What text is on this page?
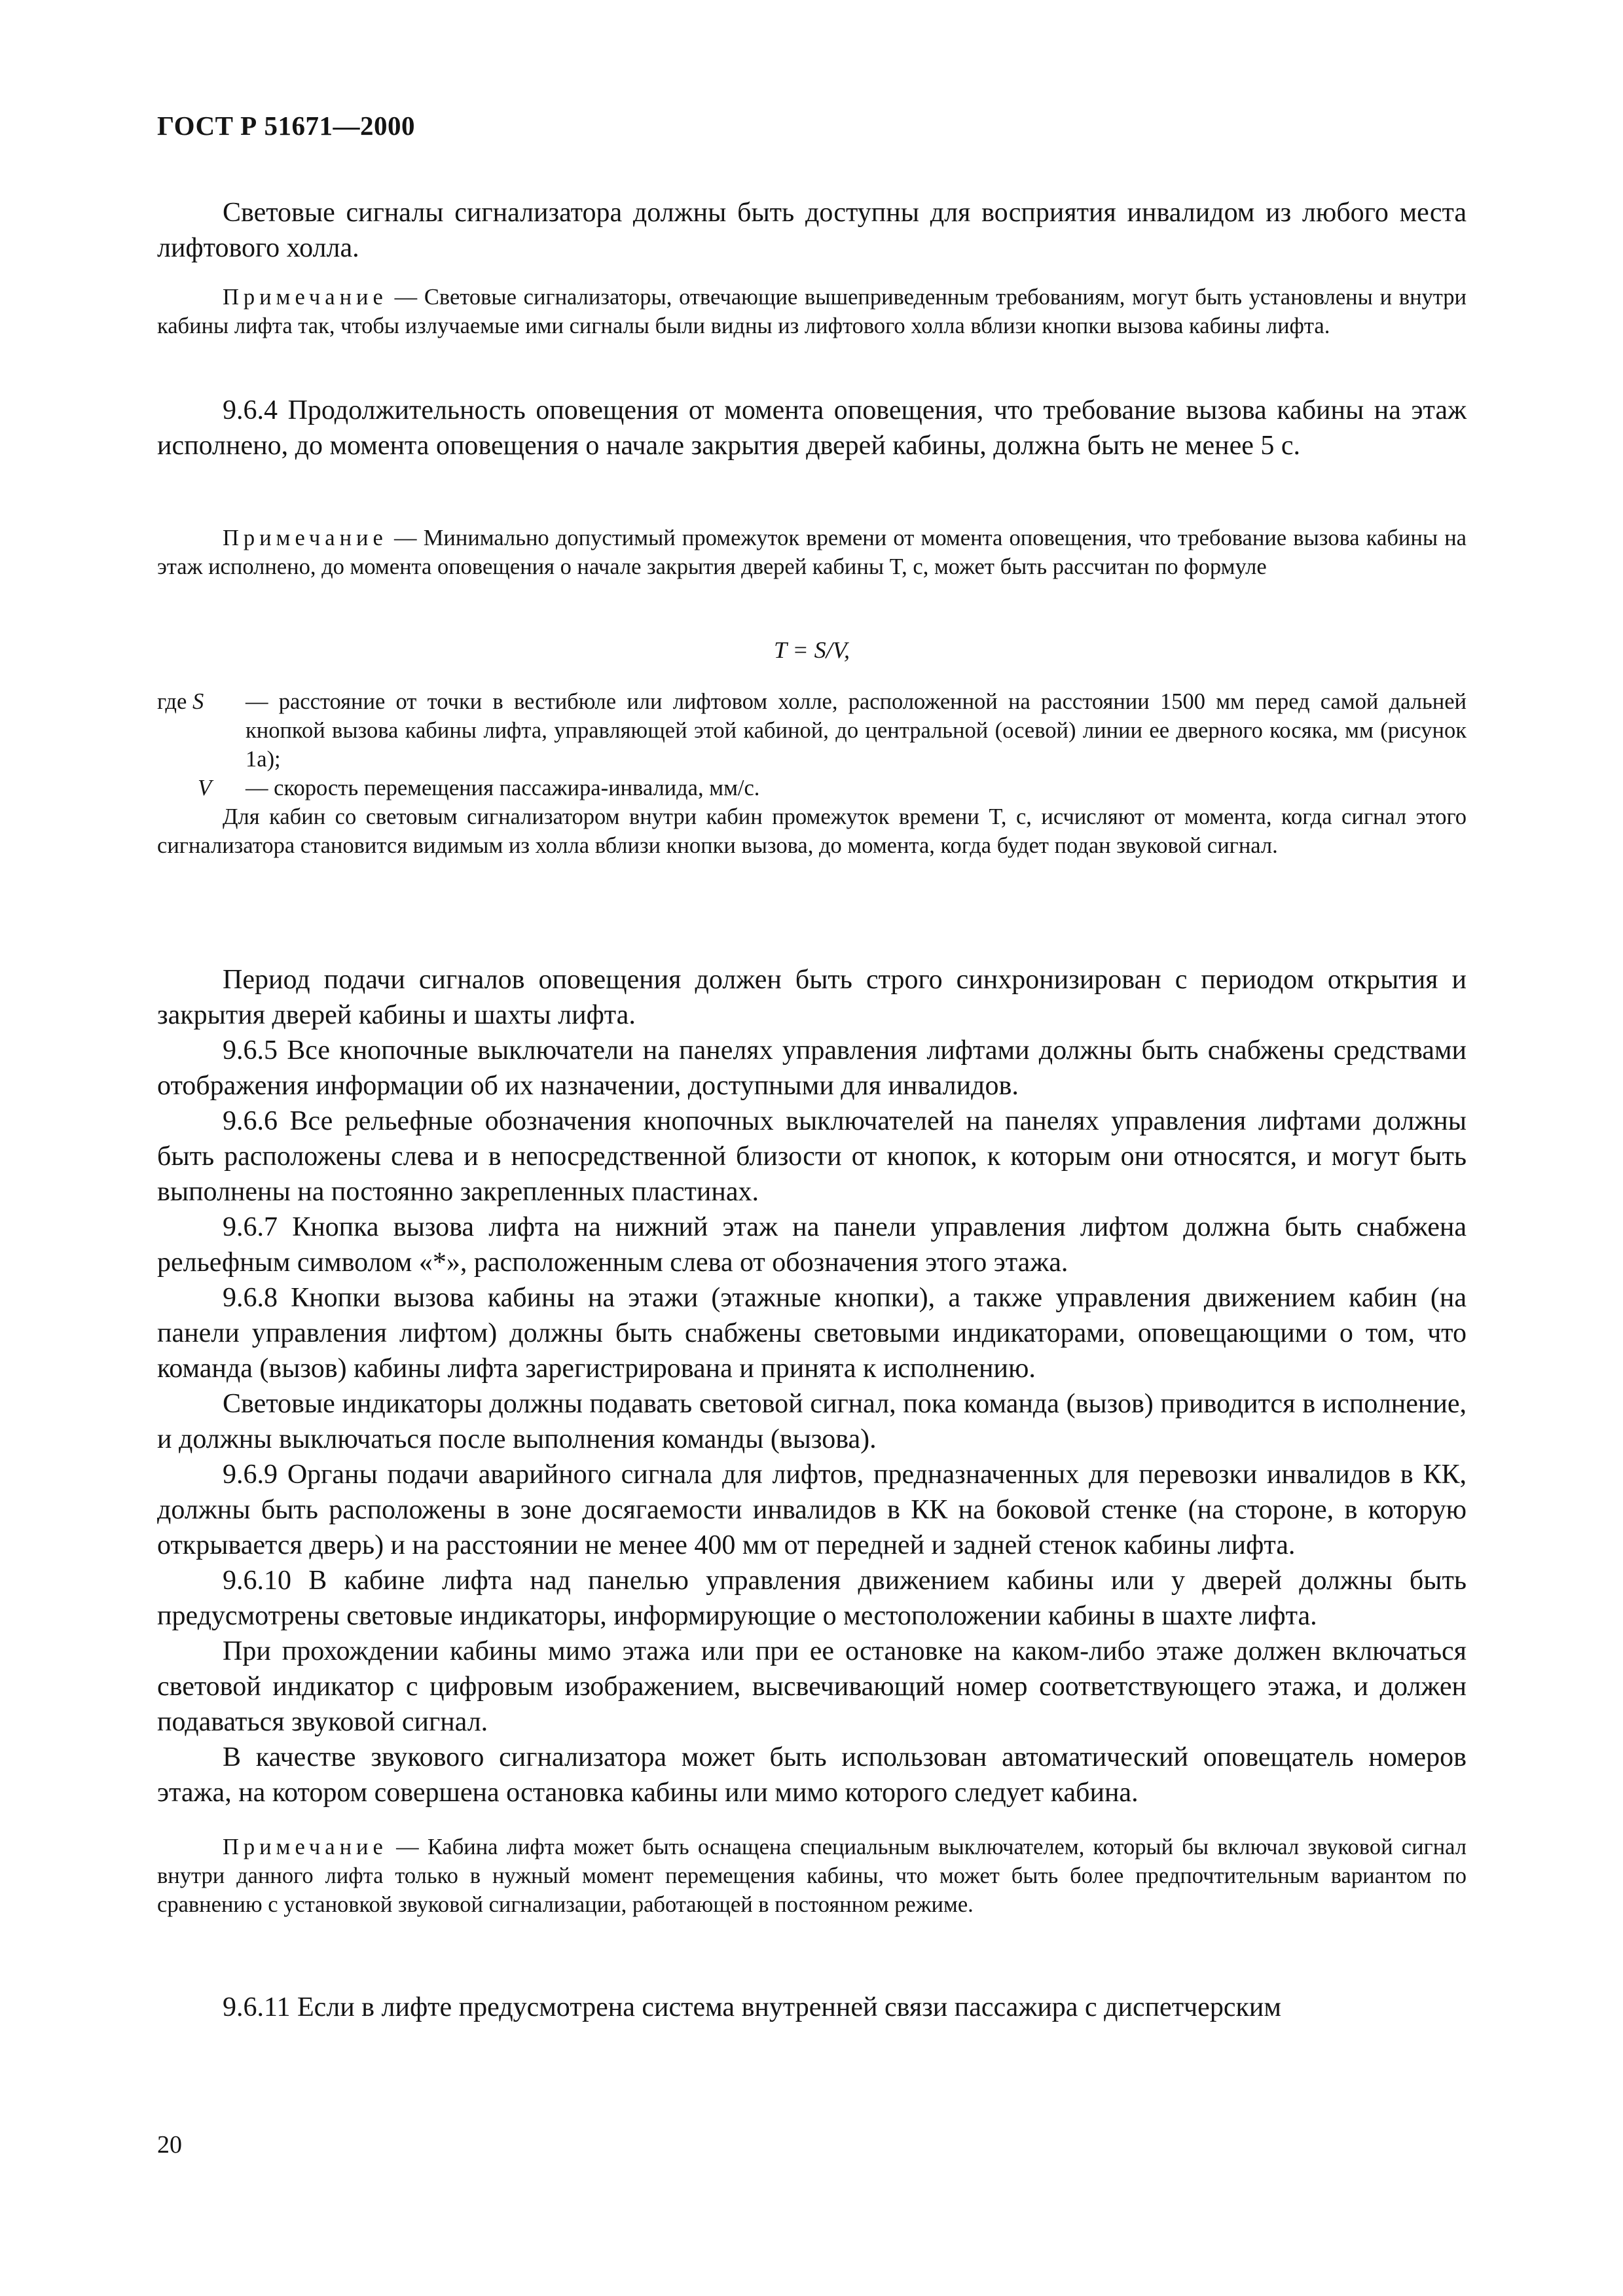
ГОСТ Р 51671—2000

Световые сигналы сигнализатора должны быть доступны для восприятия инвалидом из любого места лифтового холла.

Примечание — Световые сигнализаторы, отвечающие вышеприведенным требованиям, могут быть установлены и внутри кабины лифта так, чтобы излучаемые ими сигналы были видны из лифтового холла вблизи кнопки вызова кабины лифта.

9.6.4 Продолжительность оповещения от момента оповещения, что требование вызова кабины на этаж исполнено, до момента оповещения о начале закрытия дверей кабины, должна быть не менее 5 с.

Примечание — Минимально допустимый промежуток времени от момента оповещения, что требование вызова кабины на этаж исполнено, до момента оповещения о начале закрытия дверей кабины T, с, может быть рассчитан по формуле

T = S/V,

где S	— расстояние от точки в вестибюле или лифтовом холле, расположенной на расстоянии 1500 мм перед самой дальней кнопкой вызова кабины лифта, управляющей этой кабиной, до центральной (осевой) линии ее дверного косяка, мм (рисунок 1а);
V	— скорость перемещения пассажира-инвалида, мм/с.

Для кабин со световым сигнализатором внутри кабин промежуток времени T, с, исчисляют от момента, когда сигнал этого сигнализатора становится видимым из холла вблизи кнопки вызова, до момента, когда будет подан звуковой сигнал.

Период подачи сигналов оповещения должен быть строго синхронизирован с периодом открытия и закрытия дверей кабины и шахты лифта.

9.6.5 Все кнопочные выключатели на панелях управления лифтами должны быть снабжены средствами отображения информации об их назначении, доступными для инвалидов.

9.6.6 Все рельефные обозначения кнопочных выключателей на панелях управления лифтами должны быть расположены слева и в непосредственной близости от кнопок, к которым они относятся, и могут быть выполнены на постоянно закрепленных пластинах.

9.6.7 Кнопка вызова лифта на нижний этаж на панели управления лифтом должна быть снабжена рельефным символом «*», расположенным слева от обозначения этого этажа.

9.6.8 Кнопки вызова кабины на этажи (этажные кнопки), а также управления движением кабин (на панели управления лифтом) должны быть снабжены световыми индикаторами, оповещающими о том, что команда (вызов) кабины лифта зарегистрирована и принята к исполнению.

Световые индикаторы должны подавать световой сигнал, пока команда (вызов) приводится в исполнение, и должны выключаться после выполнения команды (вызова).

9.6.9 Органы подачи аварийного сигнала для лифтов, предназначенных для перевозки инвалидов в КК, должны быть расположены в зоне досягаемости инвалидов в КК на боковой стенке (на стороне, в которую открывается дверь) и на расстоянии не менее 400 мм от передней и задней стенок кабины лифта.

9.6.10 В кабине лифта над панелью управления движением кабины или у дверей должны быть предусмотрены световые индикаторы, информирующие о местоположении кабины в шахте лифта.

При прохождении кабины мимо этажа или при ее остановке на каком-либо этаже должен включаться световой индикатор с цифровым изображением, высвечивающий номер соответствующего этажа, и должен подаваться звуковой сигнал.

В качестве звукового сигнализатора может быть использован автоматический оповещатель номеров этажа, на котором совершена остановка кабины или мимо которого следует кабина.

Примечание — Кабина лифта может быть оснащена специальным выключателем, который бы включал звуковой сигнал внутри данного лифта только в нужный момент перемещения кабины, что может быть более предпочтительным вариантом по сравнению с установкой звуковой сигнализации, работающей в постоянном режиме.

9.6.11 Если в лифте предусмотрена система внутренней связи пассажира с диспетчерским

20
